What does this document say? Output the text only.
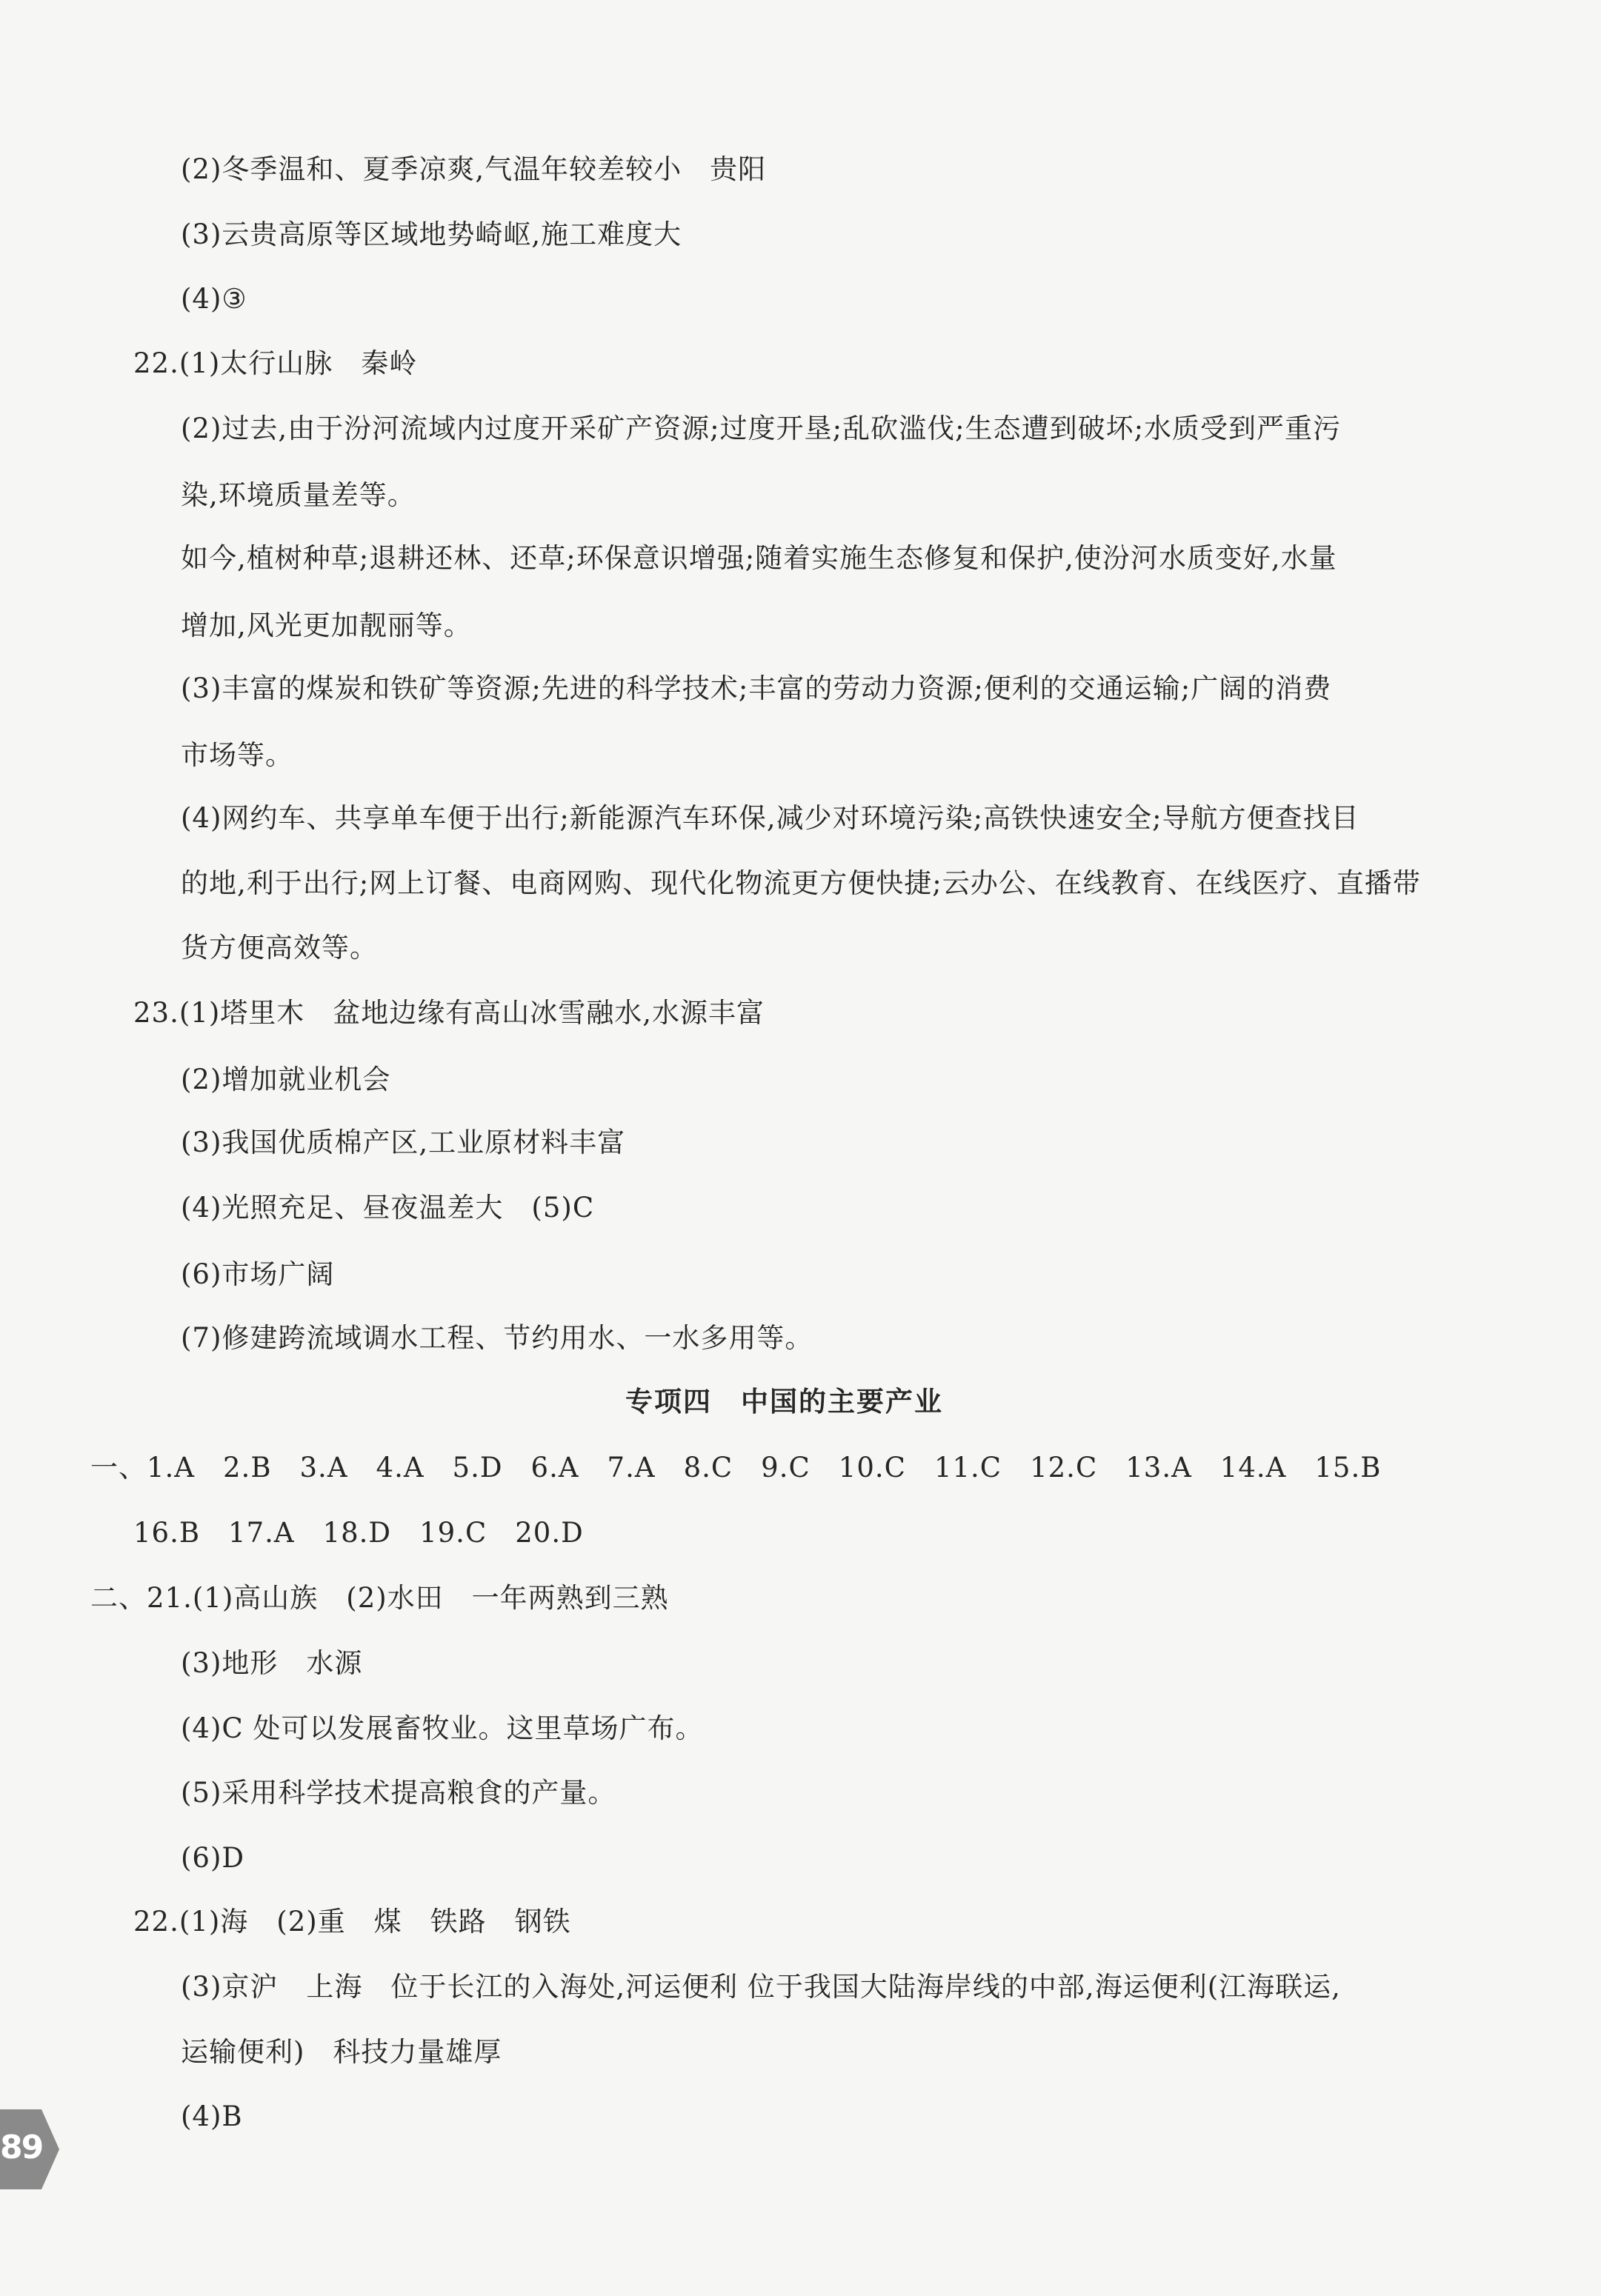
(2)冬季温和、夏季凉爽,气温年较差较小　贵阳
(3)云贵高原等区域地势崎岖,施工难度大
(4)③
22.(1)太行山脉　秦岭
(2)过去,由于汾河流域内过度开采矿产资源;过度开垦;乱砍滥伐;生态遭到破坏;水质受到严重污
染,环境质量差等。
如今,植树种草;退耕还林、还草;环保意识增强;随着实施生态修复和保护,使汾河水质变好,水量
增加,风光更加靓丽等。
(3)丰富的煤炭和铁矿等资源;先进的科学技术;丰富的劳动力资源;便利的交通运输;广阔的消费
市场等。
(4)网约车、共享单车便于出行;新能源汽车环保,减少对环境污染;高铁快速安全;导航方便查找目
的地,利于出行;网上订餐、电商网购、现代化物流更方便快捷;云办公、在线教育、在线医疗、直播带
货方便高效等。
23.(1)塔里木　盆地边缘有高山冰雪融水,水源丰富
(2)增加就业机会
(3)我国优质棉产区,工业原材料丰富
(4)光照充足、昼夜温差大　(5)C
(6)市场广阔
(7)修建跨流域调水工程、节约用水、一水多用等。
专项四　中国的主要产业
一、1.A　2.B　3.A　4.A　5.D　6.A　7.A　8.C　9.C　10.C　11.C　12.C　13.A　14.A　15.B
16.B　17.A　18.D　19.C　20.D
二、21.(1)高山族　(2)水田　一年两熟到三熟
(3)地形　水源
(4)C 处可以发展畜牧业。这里草场广布。
(5)采用科学技术提高粮食的产量。
(6)D
22.(1)海　(2)重　煤　铁路　钢铁
(3)京沪　上海　位于长江的入海处,河运便利 位于我国大陆海岸线的中部,海运便利(江海联运,
运输便利)　科技力量雄厚
(4)B
89
